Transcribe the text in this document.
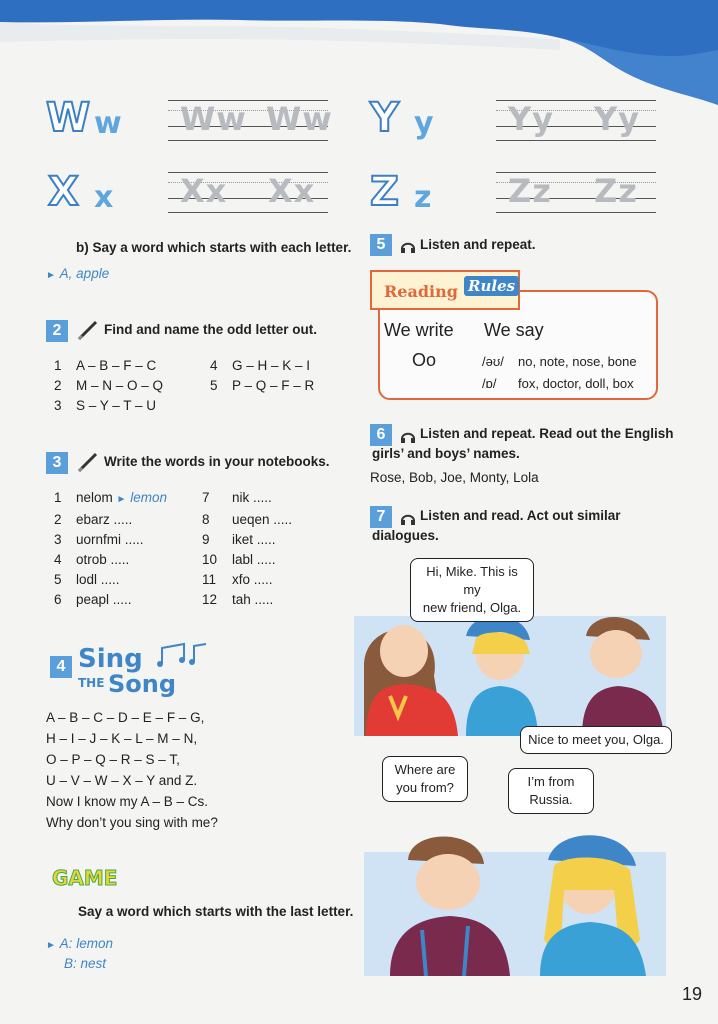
W w Ww Ww Y y Yy Yy
X x Xx Xx Z z Zz Zz
b) Say a word which starts with each letter.
► A, apple
2	Find and name the odd letter out.
1 A – B – F – C
2 M – N – O – Q
3 S – Y – T – U
4 G – H – K – I
5 P – Q – F – R
3	Write the words in your notebooks.
1 nelom ► lemon
2 ebarz .....
3 uornfmi .....
4 otrob .....
5 lodl .....
6 peapl .....
7 nik .....
8 ueqen .....
9 iket .....
10 labl .....
11 xfo .....
12 tah .....
4 Sing
THE Song
A – B – C – D – E – F – G,
H – I – J – K – L – M – N,
O – P – Q – R – S – T,
U – V – W – X – Y and Z.
Now I know my A – B – Cs.
Why don’t you sing with me?
GAME
Say a word which starts with the last letter.
► A: lemon
B: nest
5	Listen and repeat.
Reading Rules
We write We say
Oo	/əʊ/ no, note, nose, bone
/ɒ/ fox, doctor, doll, box
6	Listen and repeat. Read out the English
girls’ and boys’ names.
Rose, Bob, Joe, Monty, Lola
7	Listen and read. Act out similar
dialogues.
Hi, Mike. This is my
new friend, Olga.
Nice to meet you, Olga.
Where are
you from?	I’m from
Russia.
19
